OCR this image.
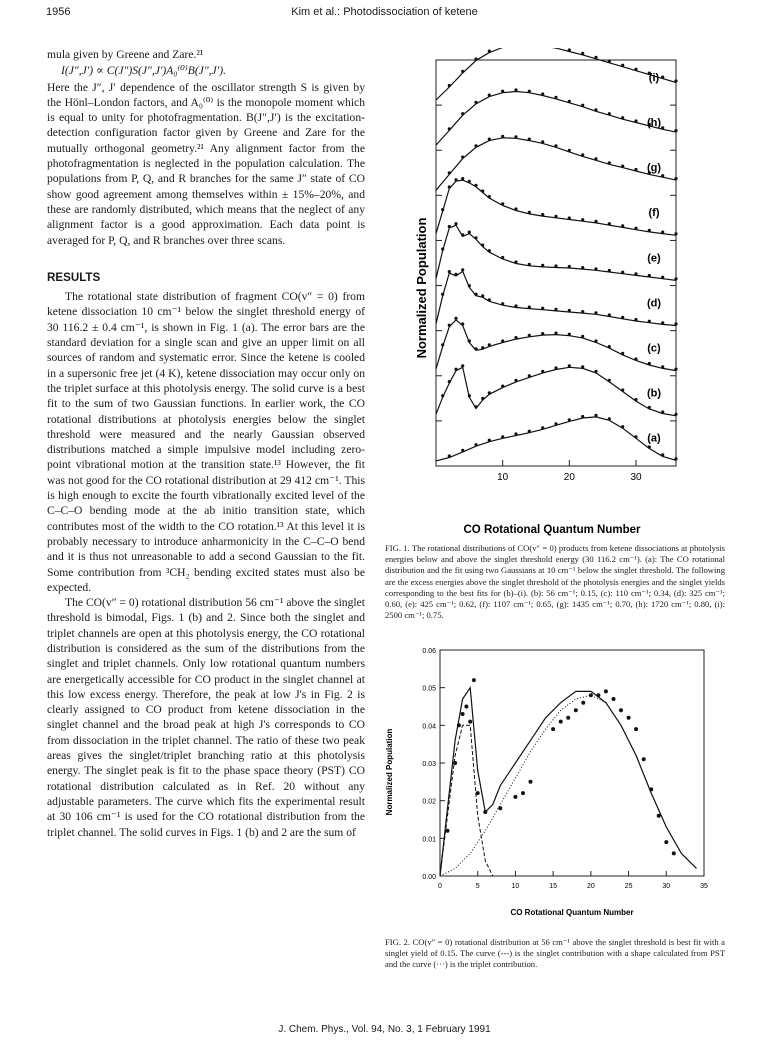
1956	Kim et al.: Photodissociation of ketene

mula given by Greene and Zare.²¹

I(J″,J′) ∝ C(J″)S(J″,J′)A₀⁽⁰⁾B(J″,J′).

Here the J″, J′ dependence of the oscillator strength S is given by the Hönl–London factors, and A₀⁽⁰⁾ is the monopole moment which is equal to unity for photofragmentation. B(J″,J′) is the excitation-detection configuration factor given by Greene and Zare for the mutually orthogonal geometry.²¹ Any alignment factor from the photofragmentation is neglected in the population calculation. The populations from P, Q, and R branches for the same J″ state of CO show good agreement among themselves within ± 15%–20%, and these are randomly distributed, which means that the neglect of any alignment factor is a good approximation. Each data point is averaged for P, Q, and R branches over three scans.

RESULTS

The rotational state distribution of fragment CO(v″ = 0) from ketene dissociation 10 cm⁻¹ below the singlet threshold energy of 30 116.2 ± 0.4 cm⁻¹, is shown in Fig. 1 (a). The error bars are the standard deviation for a single scan and give an upper limit on all sources of random and systematic error. Since the ketene is cooled in a supersonic free jet (4 K), ketene dissociation may occur only on the triplet surface at this photolysis energy. The solid curve is a best fit to the sum of two Gaussian functions. In earlier work, the CO rotational distributions at photolysis energies below the singlet threshold were measured and the nearly Gaussian observed distributions matched a simple impulsive model including zero-point vibrational motion at the transition state.¹³ However, the fit was not good for the CO rotational distribution at 29 412 cm⁻¹. This is high enough to excite the fourth vibrationally excited level of the C–C–O bending mode at the ab initio transition state, which contributes most of the width to the CO rotation.¹³ At this level it is probably necessary to introduce anharmonicity in the C–C–O bend and it is thus not unreasonable to add a second Gaussian to the fit. Some contribution from ³CH₂ bending excited states must also be expected.

The CO(v″ = 0) rotational distribution 56 cm⁻¹ above the singlet threshold is bimodal, Figs. 1 (b) and 2. Since both the singlet and triplet channels are open at this photolysis energy, the CO rotational distribution is considered as the sum of the distributions from the singlet and triplet channels. Only low rotational quantum numbers are energetically accessible for CO product in the singlet channel at this low excess energy. Therefore, the peak at low J's in Fig. 2 is clearly assigned to CO product from ketene dissociation in the singlet channel and the broad peak at high J's corresponds to CO from dissociation in the triplet channel. The ratio of these two peak areas gives the singlet/triplet branching ratio at this photolysis energy. The singlet peak is fit to the phase space theory (PST) CO rotational distribution calculated as in Ref. 20 without any adjustable parameters. The curve which fits the experimental result at 30 106 cm⁻¹ is used for the CO rotational distribution from the triplet channel. The solid curves in Figs. 1 (b) and 2 are the sum of

(a)
(b)
(c)
(d)
(e)
(f)
(g)
(h)
(i)
Normalized Population
10	20	30
CO Rotational Quantum Number
FIG. 1. The rotational distributions of CO(v″ = 0) products from ketene dissociations at photolysis energies below and above the singlet threshold energy (30 116.2 cm⁻¹). (a): The CO rotational distribution and the fit using two Gaussians at 10 cm⁻¹ below the singlet threshold. The following are the excess energies above the singlet threshold of the photolysis energies and the singlet yields corresponding to the best fits for (b)–(i). (b): 56 cm⁻¹; 0.15, (c): 110 cm⁻¹; 0.34, (d): 325 cm⁻¹; 0.60, (e): 425 cm⁻¹; 0.62, (f): 1107 cm⁻¹; 0.65, (g): 1435 cm⁻¹; 0.70, (h): 1720 cm⁻¹; 0.80, (i): 2500 cm⁻¹; 0.75.
0.00
0.01
0.02
0.03
0.04
0.05
0.06
0	5	10	15	20	25	30	35
Normalized Population
CO Rotational Quantum Number
FIG. 2. CO(v″ = 0) rotational distribution at 56 cm⁻¹ above the singlet threshold is best fit with a singlet yield of 0.15. The curve (---) is the singlet contribution with a shape calculated from PST and the curve (···) is the triplet contribution.
J. Chem. Phys., Vol. 94, No. 3, 1 February 1991
